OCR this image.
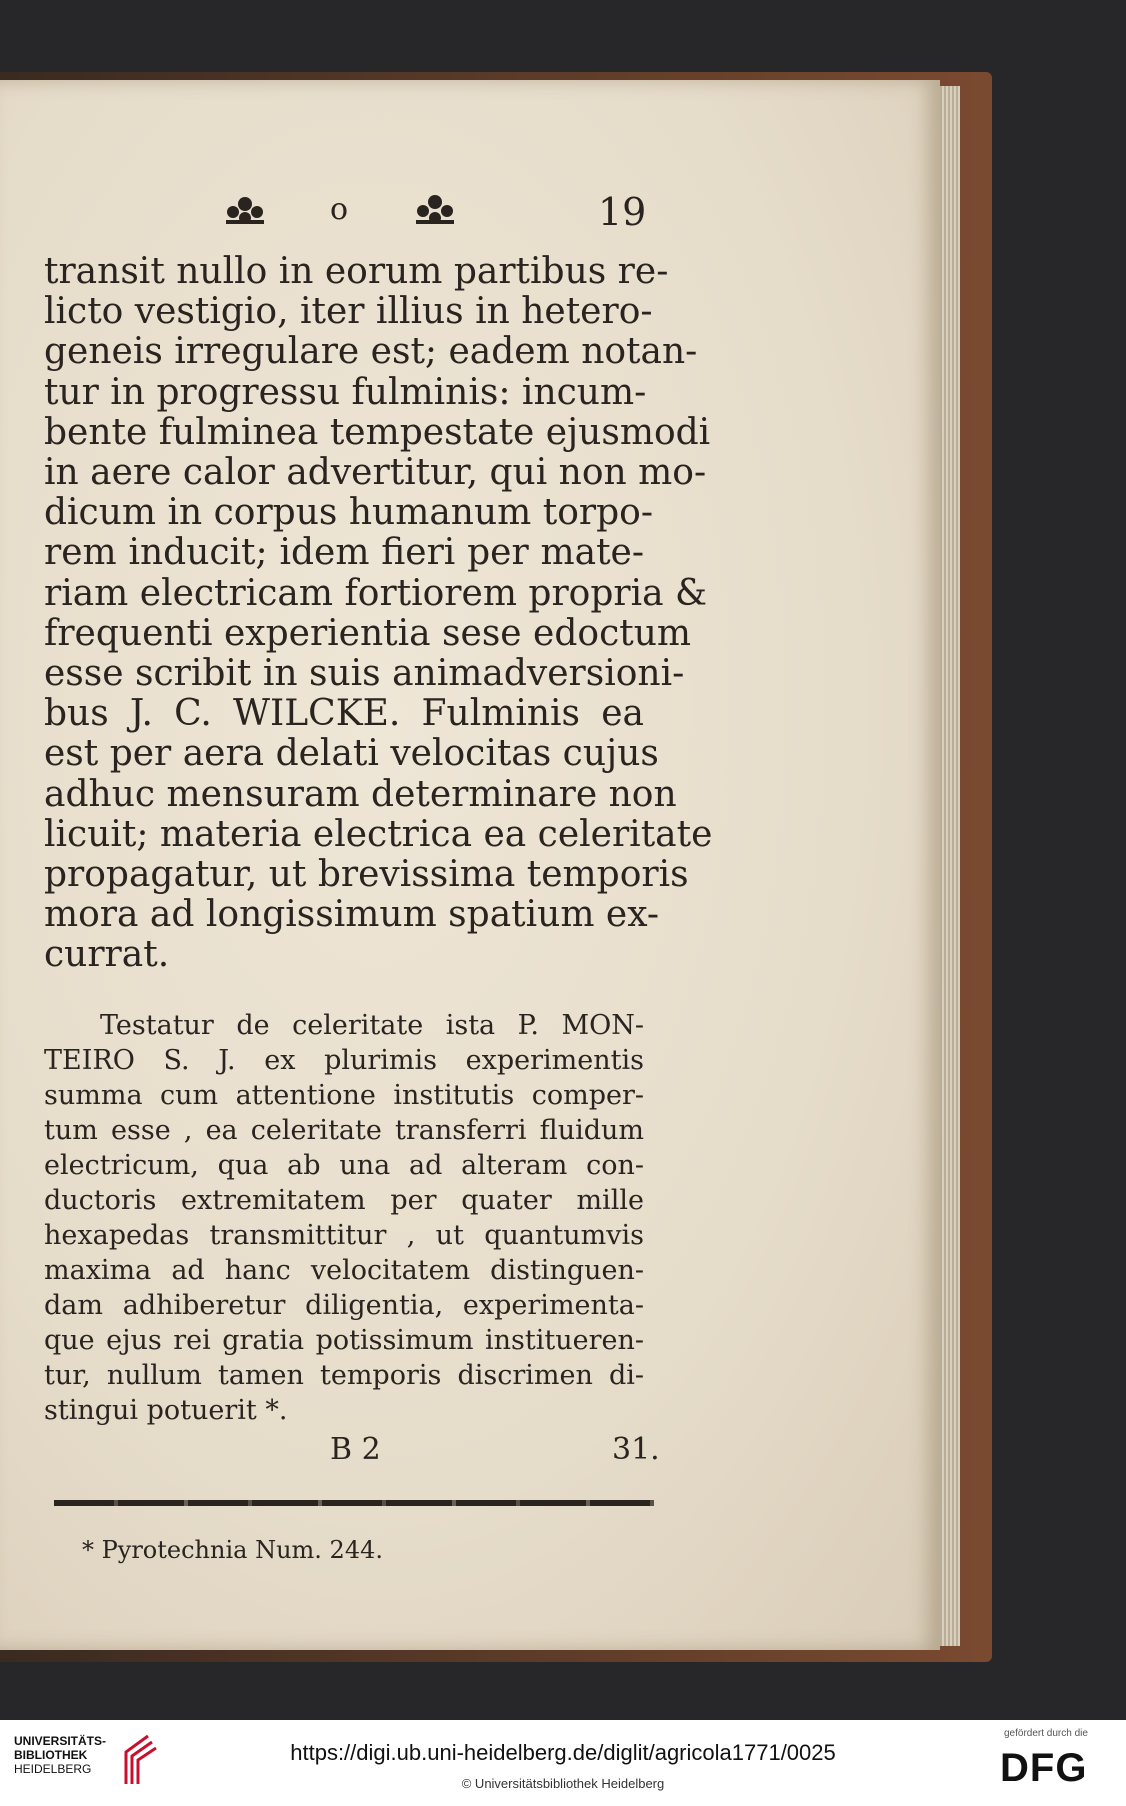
o	19
transit nullo in eorum partibus re-
licto vestigio, iter illius in hetero-
geneis irregulare est; eadem notan-
tur in progressu fulminis: incum-
bente fulminea tempestate ejusmodi
in aere calor advertitur, qui non mo-
dicum in corpus humanum torpo-
rem inducit; idem fieri per mate-
riam electricam fortiorem propria &
frequenti experientia sese edoctum
esse scribit in suis animadversioni-
bus J. C. WILCKE. Fulminis ea
est per aera delati velocitas cujus
adhuc mensuram determinare non
licuit; materia electrica ea celeritate
propagatur, ut brevissima temporis
mora ad longissimum spatium ex-
currat.
Testatur de celeritate ista P. MON-
TEIRO S. J. ex plurimis experimentis
summa cum attentione institutis comper-
tum esse , ea celeritate transferri fluidum
electricum, qua ab una ad alteram con-
ductoris extremitatem per quater mille
hexapedas transmittitur , ut quantumvis
maxima ad hanc velocitatem distinguen-
dam adhiberetur diligentia, experimenta-
que ejus rei gratia potissimum institueren-
tur, nullum tamen temporis discrimen di-
stingui potuerit *.
B 2	31.
* Pyrotechnia Num. 244.
UNIVERSITÄTS-
BIBLIOTHEK
HEIDELBERG
https://digi.ub.uni-heidelberg.de/diglit/agricola1771/0025
© Universitätsbibliothek Heidelberg
gefördert durch die
DFG
